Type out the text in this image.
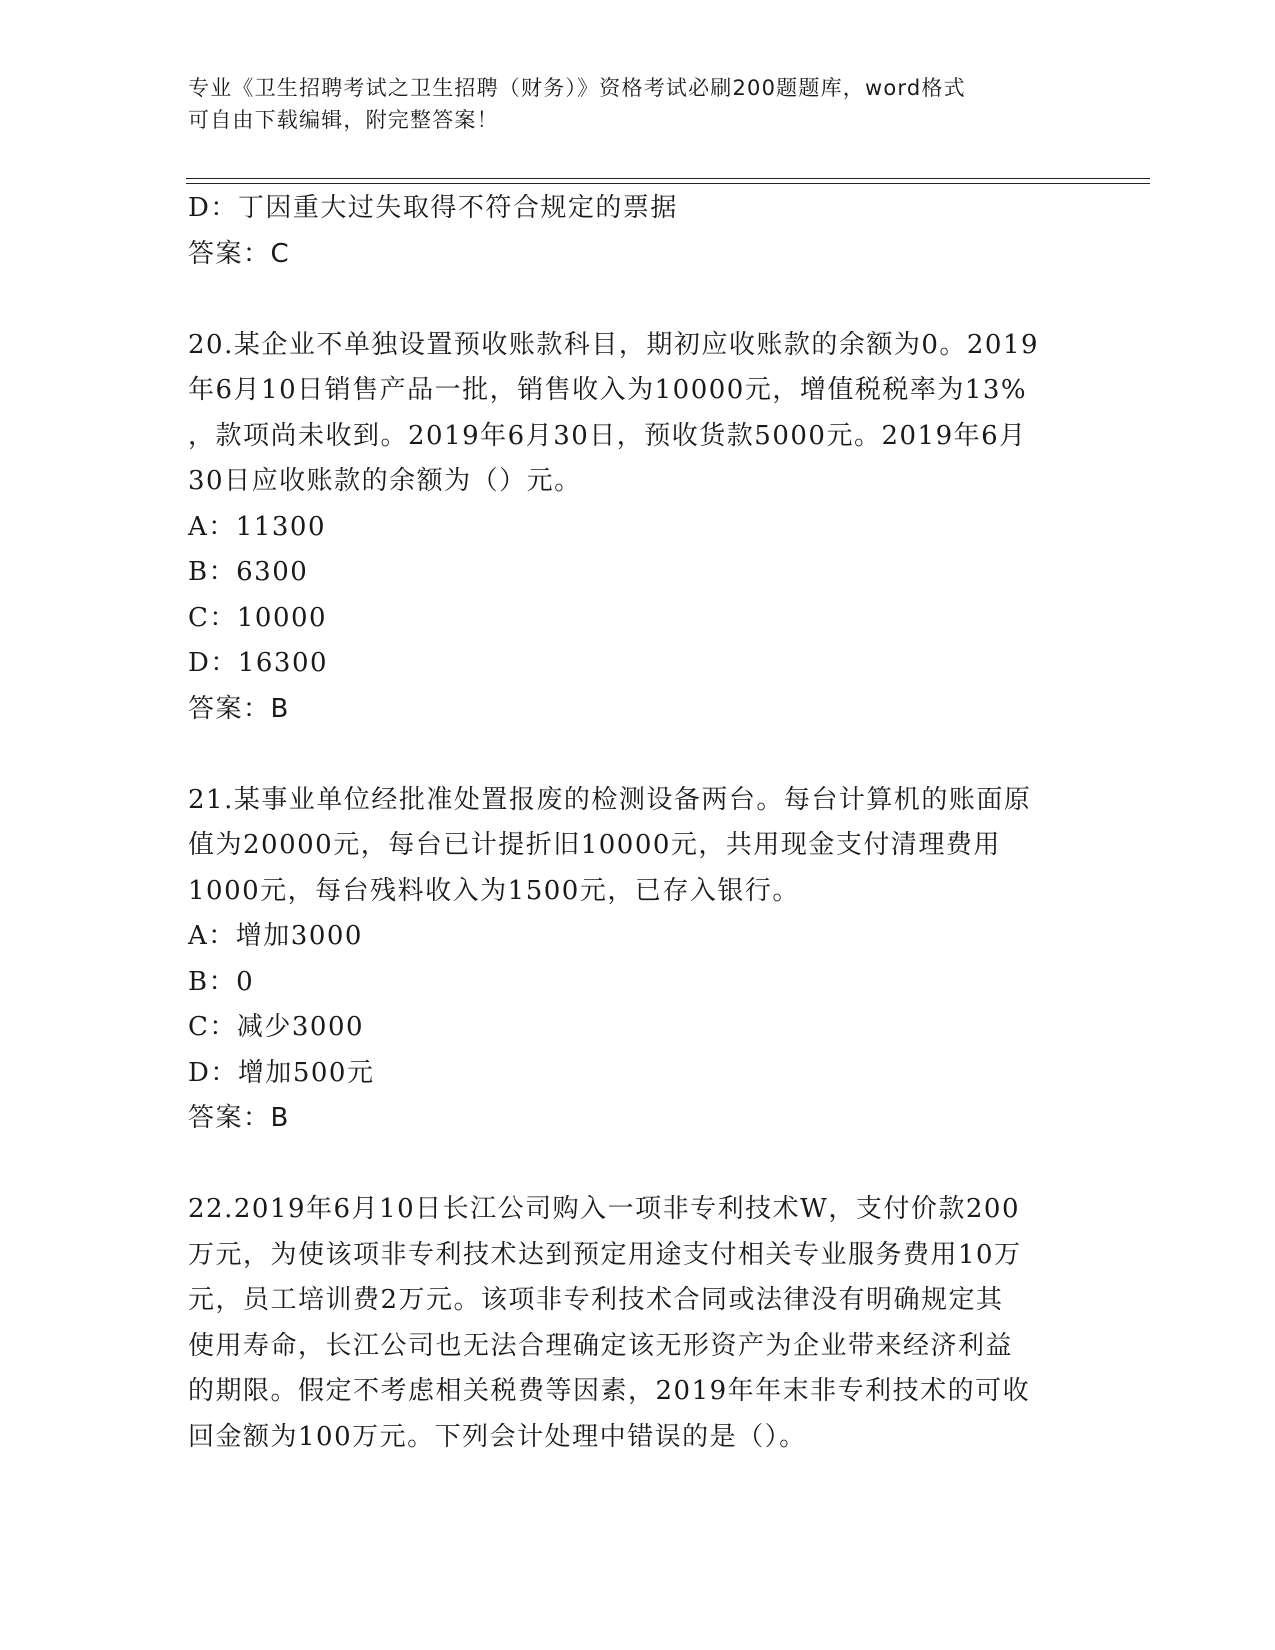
专业《卫生招聘考试之卫生招聘（财务）》资格考试必刷200题题库，word格式
可自由下载编辑，附完整答案！
D：丁因重大过失取得不符合规定的票据
答案：C
20.某企业不单独设置预收账款科目，期初应收账款的余额为0。2019
年6月10日销售产品一批，销售收入为10000元，增值税税率为13%
，款项尚未收到。2019年6月30日，预收货款5000元。2019年6月
30日应收账款的余额为（）元。
A：11300
B：6300
C：10000
D：16300
答案：B
21.某事业单位经批准处置报废的检测设备两台。每台计算机的账面原
值为20000元，每台已计提折旧10000元，共用现金支付清理费用
1000元，每台残料收入为1500元，已存入银行。
A：增加3000
B：0
C：减少3000
D：增加500元
答案：B
22.2019年6月10日长江公司购入一项非专利技术W，支付价款200
万元，为使该项非专利技术达到预定用途支付相关专业服务费用10万
元，员工培训费2万元。该项非专利技术合同或法律没有明确规定其
使用寿命，长江公司也无法合理确定该无形资产为企业带来经济利益
的期限。假定不考虑相关税费等因素，2019年年末非专利技术的可收
回金额为100万元。下列会计处理中错误的是（）。
